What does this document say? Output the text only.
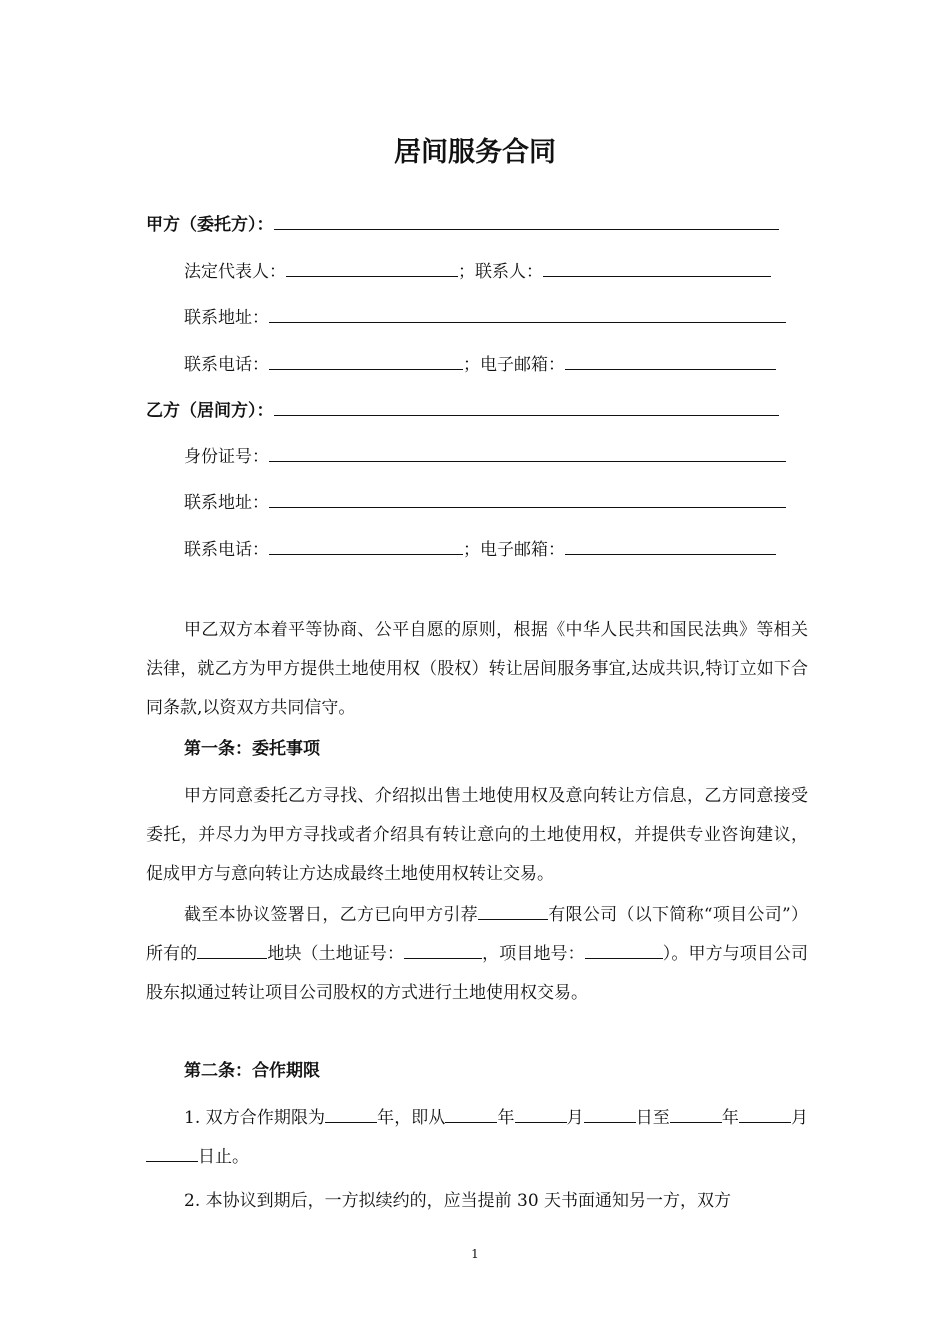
居间服务合同
甲方（委托方）：
法定代表人：	；联系人：
联系地址：
联系电话：	；电子邮箱：
乙方（居间方）：
身份证号：
联系地址：
联系电话：	；电子邮箱：
甲乙双方本着平等协商、公平自愿的原则，根据《中华人民共和国民法典》等相关法律，就乙方为甲方提供土地使用权（股权）转让居间服务事宜,达成共识,特订立如下合同条款,以资双方共同信守。
第一条：委托事项
甲方同意委托乙方寻找、介绍拟出售土地使用权及意向转让方信息，乙方同意接受委托，并尽力为甲方寻找或者介绍具有转让意向的土地使用权，并提供专业咨询建议，促成甲方与意向转让方达成最终土地使用权转让交易。
截至本协议签署日，乙方已向甲方引荐	有限公司（以下简称“项目公司”）所有的	地块（土地证号：	，项目地号：	）。甲方与项目公司股东拟通过转让项目公司股权的方式进行土地使用权交易。
第二条：合作期限
1. 双方合作期限为	年，即从	年	月	日至	年	月日止。
2. 本协议到期后，一方拟续约的，应当提前 30 天书面通知另一方，双方
1
